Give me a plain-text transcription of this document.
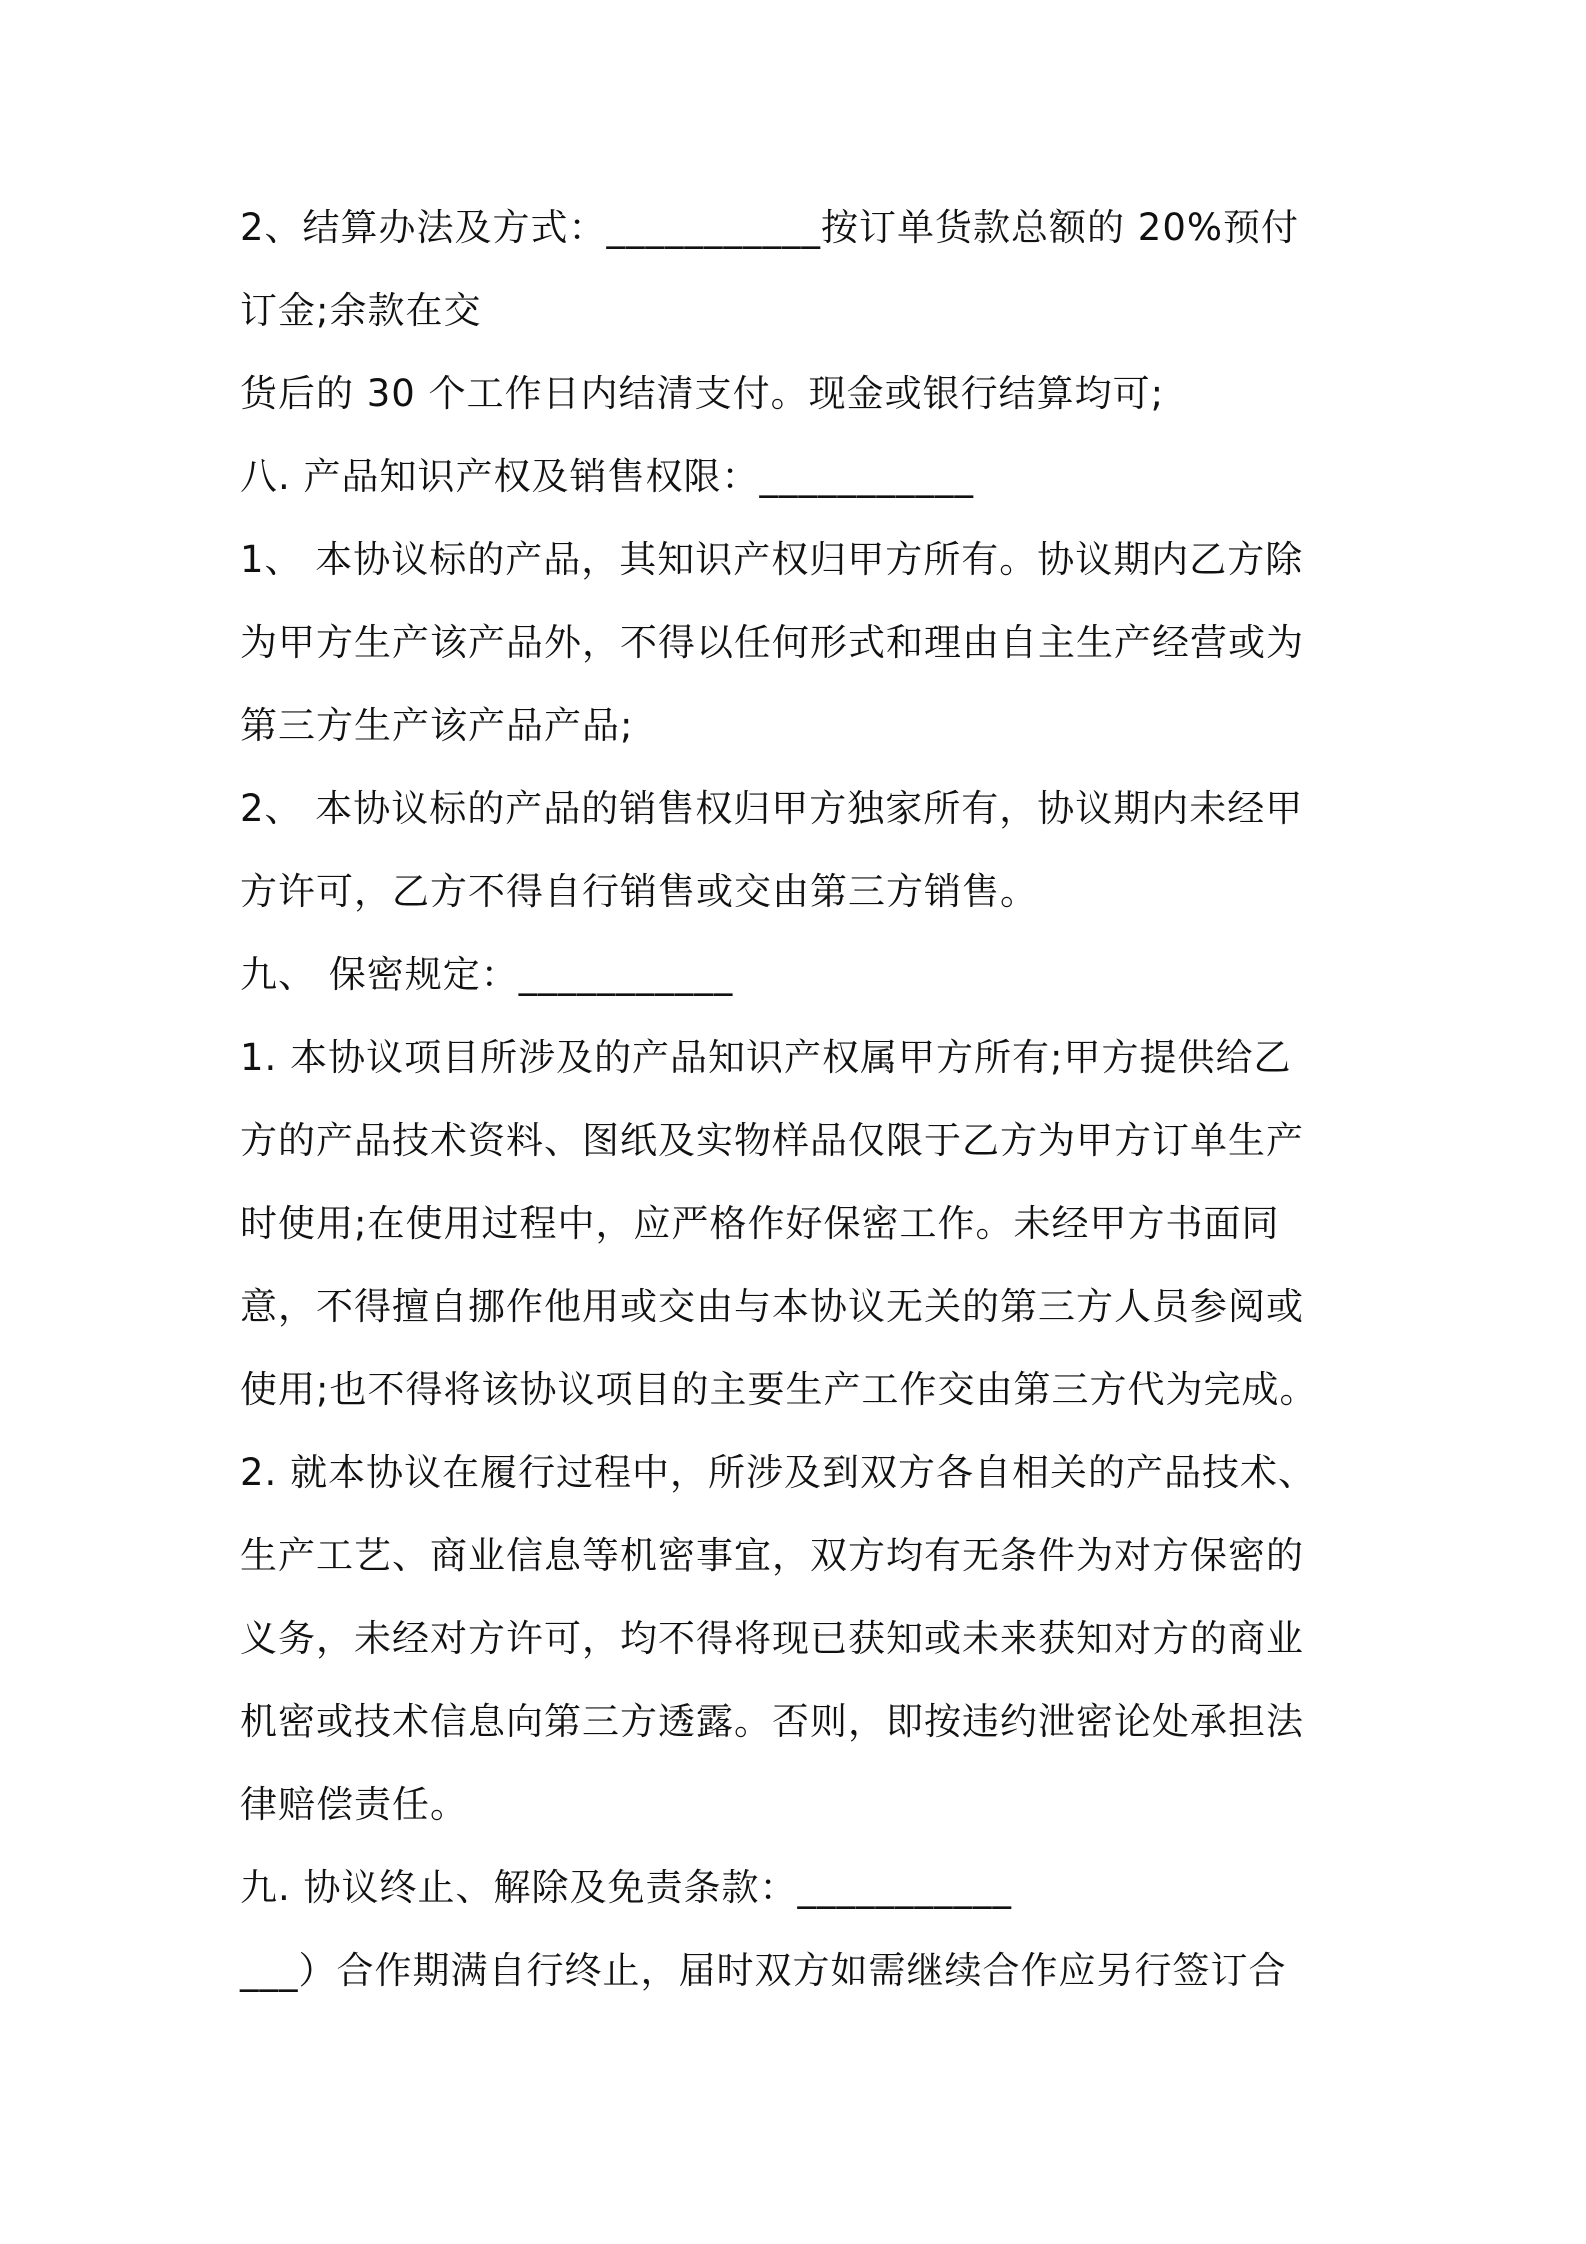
2、结算办法及方式：___________按订单货款总额的 20%预付
订金;余款在交
货后的 30 个工作日内结清支付。现金或银行结算均可;
八. 产品知识产权及销售权限：___________
1、 本协议标的产品，其知识产权归甲方所有。协议期内乙方除
为甲方生产该产品外，不得以任何形式和理由自主生产经营或为
第三方生产该产品产品;
2、 本协议标的产品的销售权归甲方独家所有，协议期内未经甲
方许可，乙方不得自行销售或交由第三方销售。
九、 保密规定：___________
1. 本协议项目所涉及的产品知识产权属甲方所有;甲方提供给乙
方的产品技术资料、图纸及实物样品仅限于乙方为甲方订单生产
时使用;在使用过程中，应严格作好保密工作。未经甲方书面同
意，不得擅自挪作他用或交由与本协议无关的第三方人员参阅或
使用;也不得将该协议项目的主要生产工作交由第三方代为完成。
2. 就本协议在履行过程中，所涉及到双方各自相关的产品技术、
生产工艺、商业信息等机密事宜，双方均有无条件为对方保密的
义务，未经对方许可，均不得将现已获知或未来获知对方的商业
机密或技术信息向第三方透露。否则，即按违约泄密论处承担法
律赔偿责任。
九. 协议终止、解除及免责条款：___________
___）合作期满自行终止，届时双方如需继续合作应另行签订合
